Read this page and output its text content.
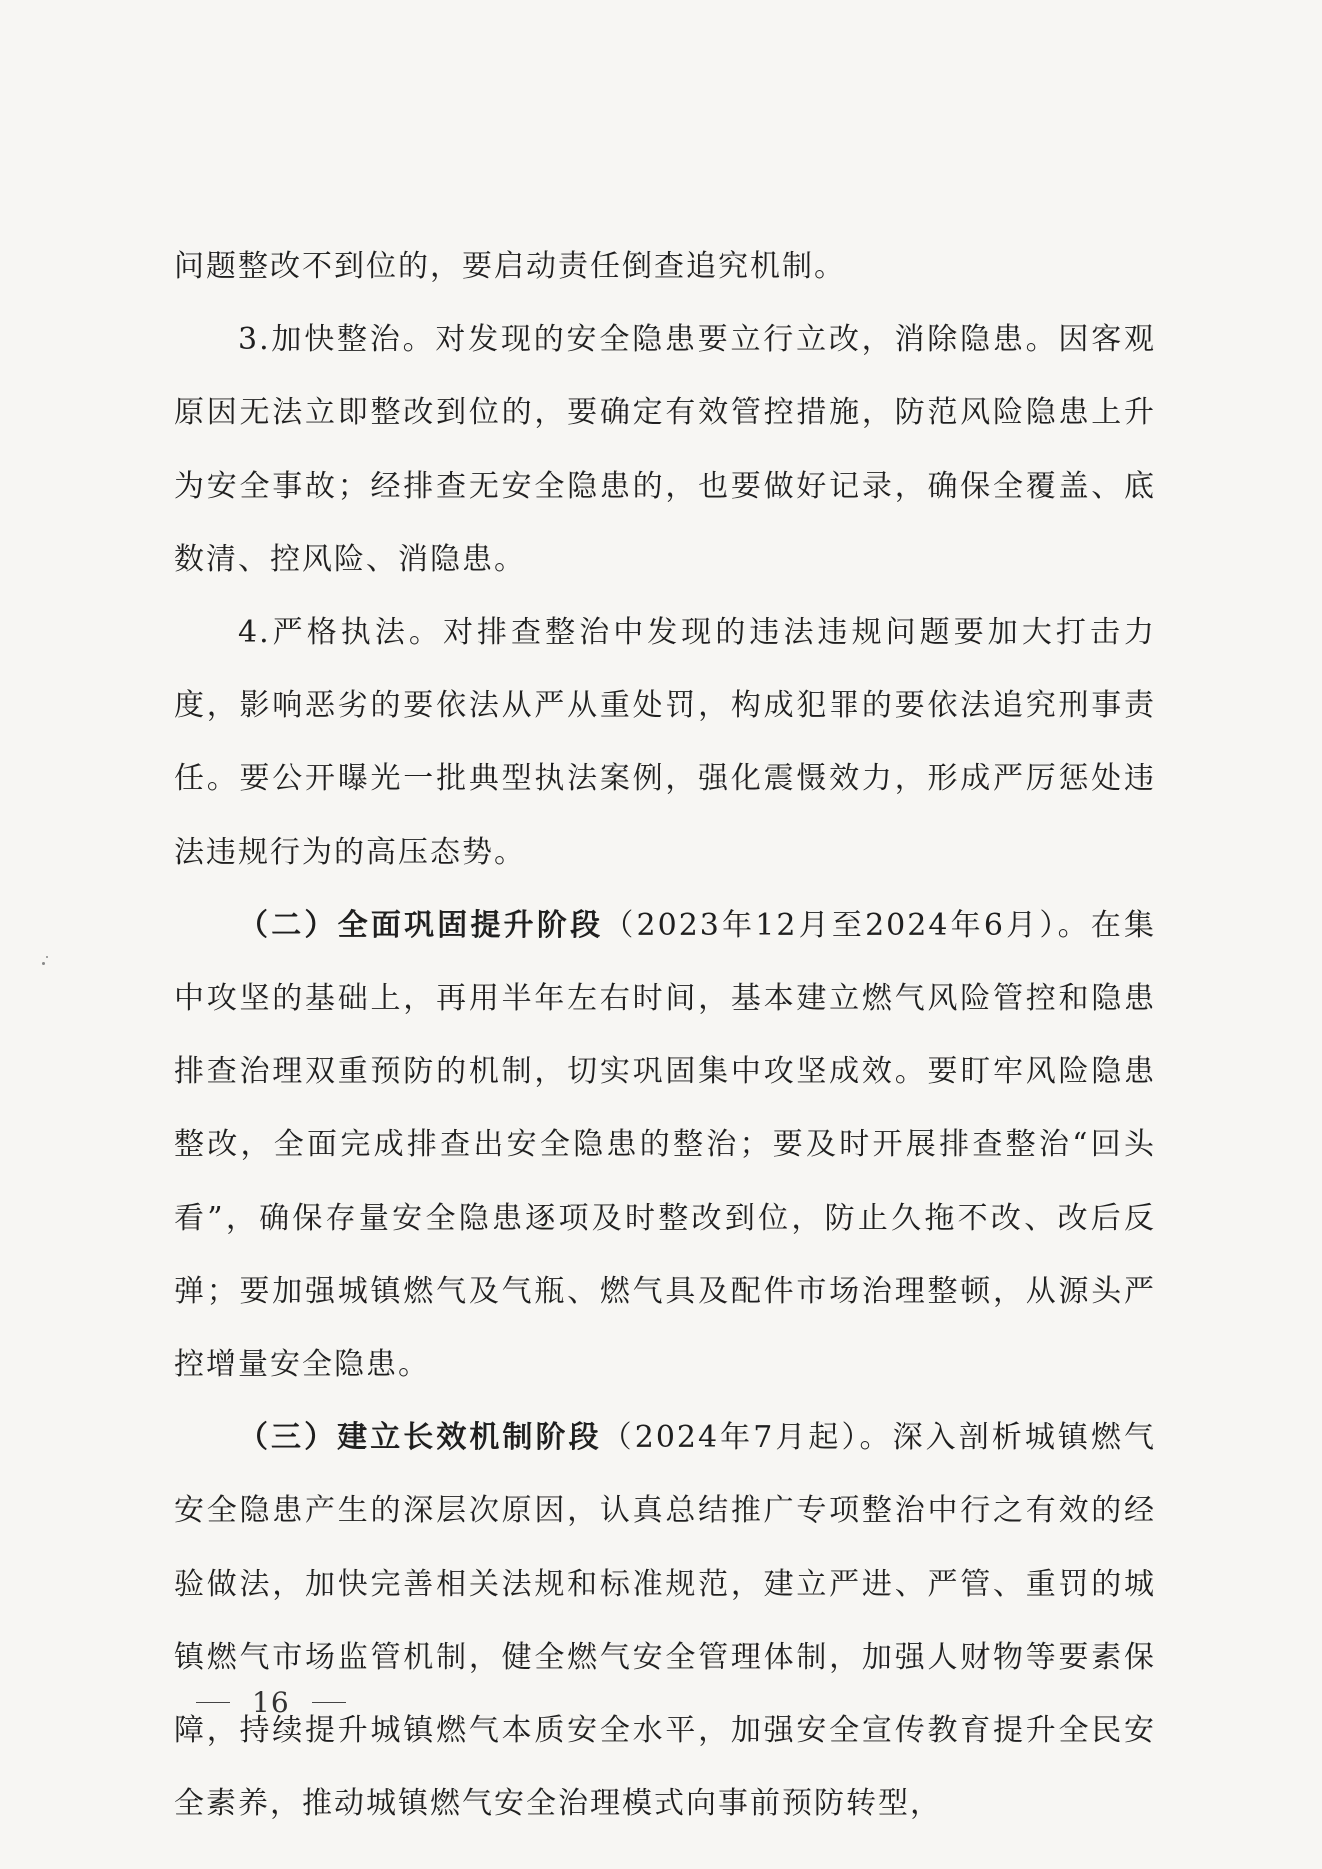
问题整改不到位的，要启动责任倒查追究机制。

3.加快整治。对发现的安全隐患要立行立改，消除隐患。因客观原因无法立即整改到位的，要确定有效管控措施，防范风险隐患上升为安全事故；经排查无安全隐患的，也要做好记录，确保全覆盖、底数清、控风险、消隐患。

4.严格执法。对排查整治中发现的违法违规问题要加大打击力度，影响恶劣的要依法从严从重处罚，构成犯罪的要依法追究刑事责任。要公开曝光一批典型执法案例，强化震慑效力，形成严厉惩处违法违规行为的高压态势。

（二）全面巩固提升阶段（2023年12月至2024年6月）。在集中攻坚的基础上，再用半年左右时间，基本建立燃气风险管控和隐患排查治理双重预防的机制，切实巩固集中攻坚成效。要盯牢风险隐患整改，全面完成排查出安全隐患的整治；要及时开展排查整治“回头看”，确保存量安全隐患逐项及时整改到位，防止久拖不改、改后反弹；要加强城镇燃气及气瓶、燃气具及配件市场治理整顿，从源头严控增量安全隐患。

（三）建立长效机制阶段（2024年7月起）。深入剖析城镇燃气安全隐患产生的深层次原因，认真总结推广专项整治中行之有效的经验做法，加快完善相关法规和标准规范，建立严进、严管、重罚的城镇燃气市场监管机制，健全燃气安全管理体制，加强人财物等要素保障，持续提升城镇燃气本质安全水平，加强安全宣传教育提升全民安全素养，推动城镇燃气安全治理模式向事前预防转型，

16
